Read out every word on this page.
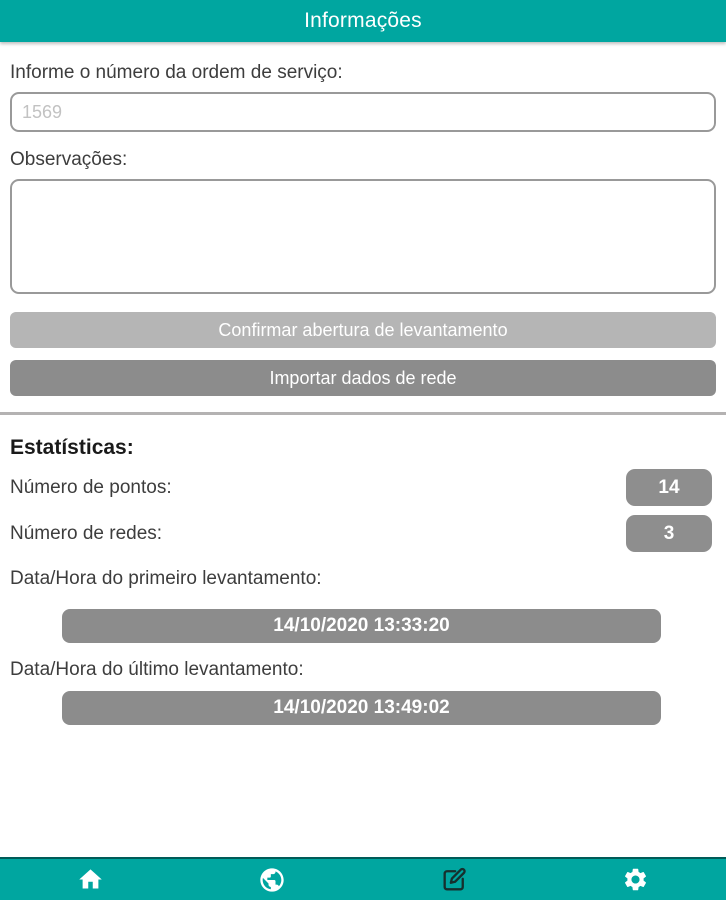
Informações
Informe o número da ordem de serviço:
1569
Observações:
Confirmar abertura de levantamento
Importar dados de rede
Estatísticas:
Número de pontos:	14
Número de redes:	3
Data/Hora do primeiro levantamento:
14/10/2020 13:33:20
Data/Hora do último levantamento:
14/10/2020 13:49:02
